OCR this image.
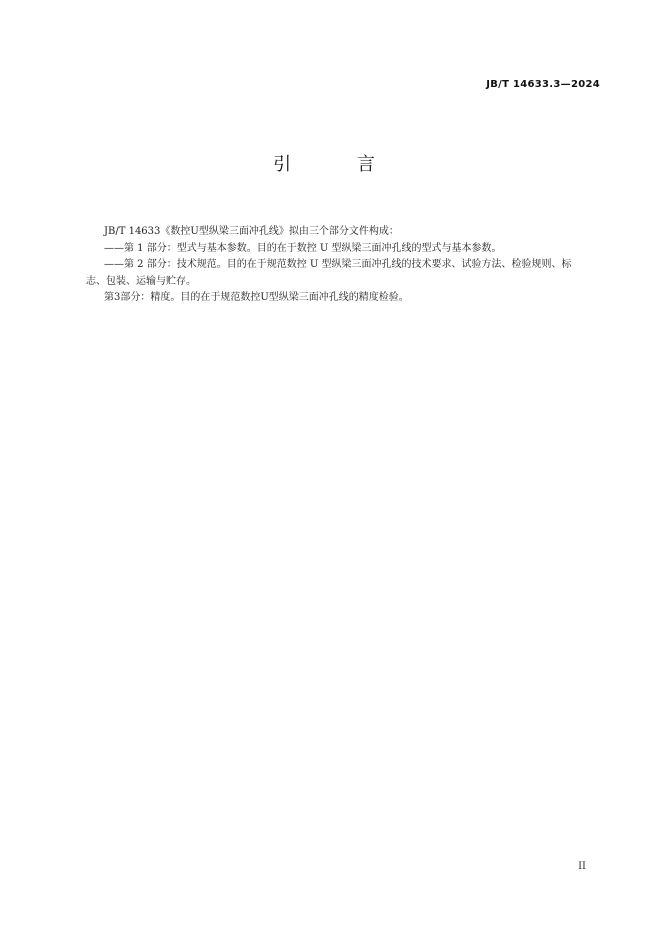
JB/T 14633.3—2024
引 言

JB/T 14633《数控U型纵梁三面冲孔线》拟由三个部分文件构成：

——第 1 部分：型式与基本参数。目的在于数控 U 型纵梁三面冲孔线的型式与基本参数。

——第 2 部分：技术规范。目的在于规范数控 U 型纵梁三面冲孔线的技术要求、试验方法、检验规则、标志、包装、运输与贮存。

第3部分：精度。目的在于规范数控U型纵梁三面冲孔线的精度检验。

II
